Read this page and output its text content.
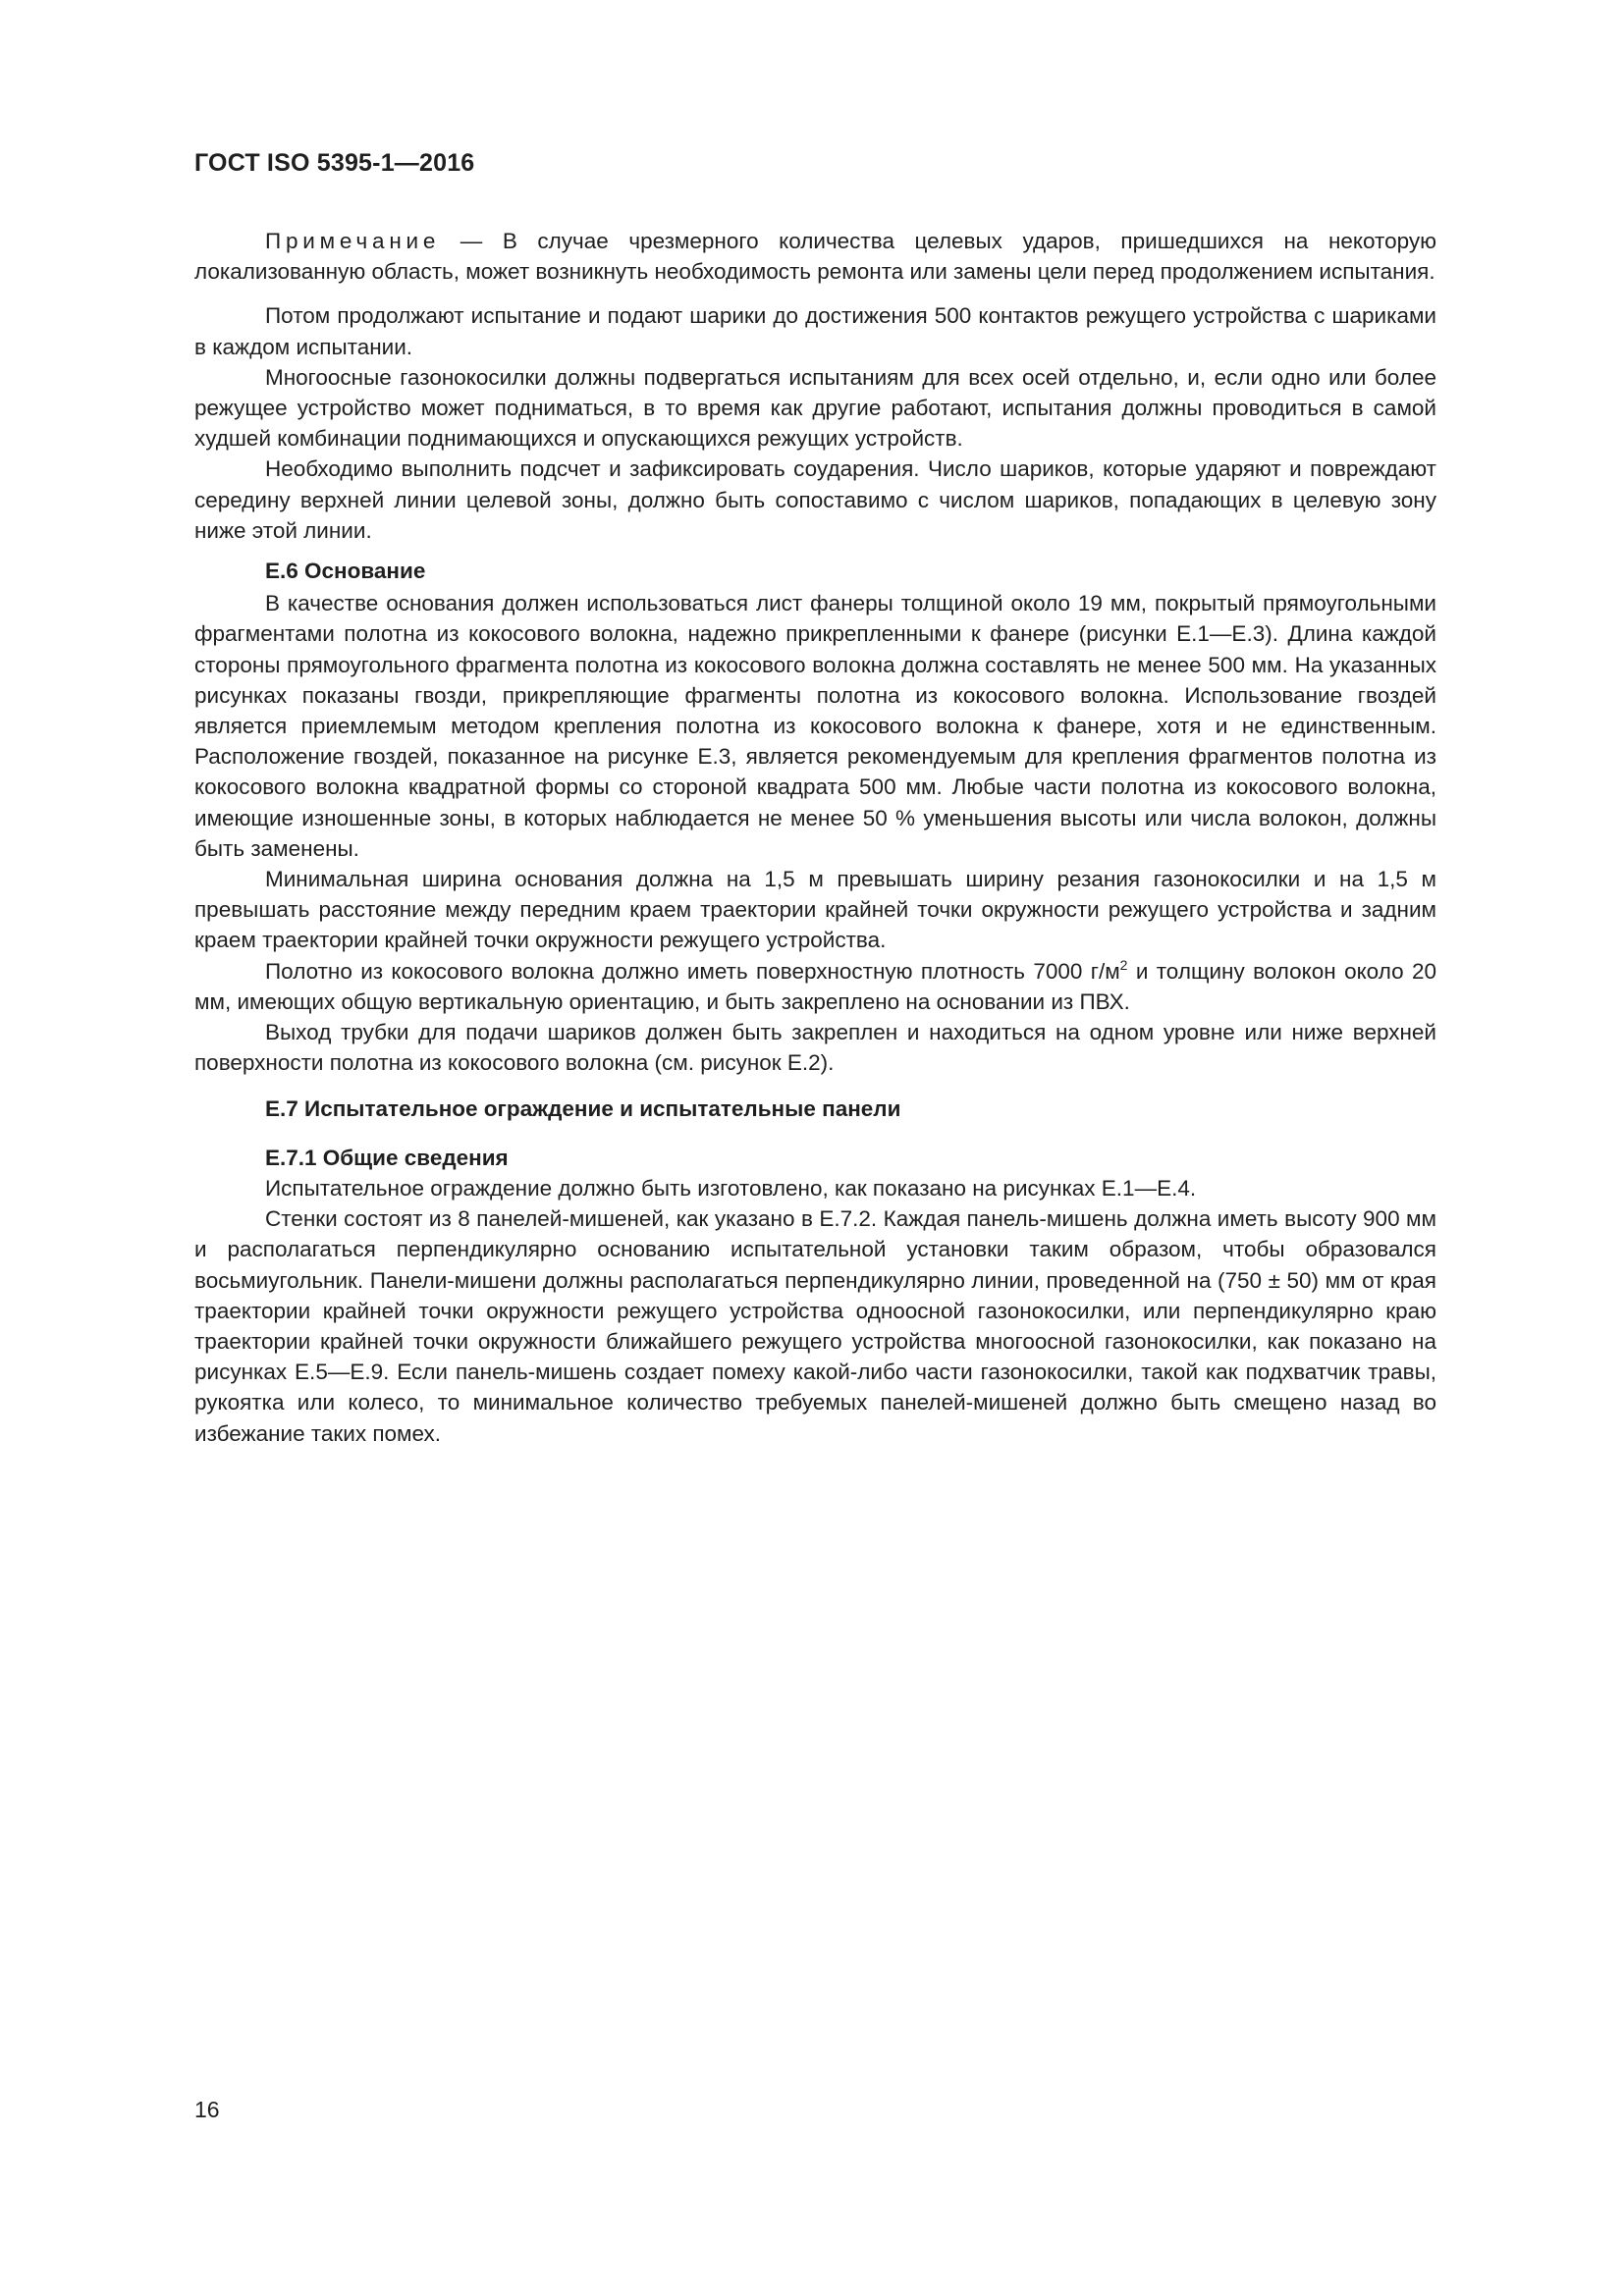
ГОСТ ISO 5395-1—2016

Примечание — В случае чрезмерного количества целевых ударов, пришедшихся на некоторую локализованную область, может возникнуть необходимость ремонта или замены цели перед продолжением испытания.

Потом продолжают испытание и подают шарики до достижения 500 контактов режущего устройства с шариками в каждом испытании.

Многоосные газонокосилки должны подвергаться испытаниям для всех осей отдельно, и, если одно или более режущее устройство может подниматься, в то время как другие работают, испытания должны проводиться в самой худшей комбинации поднимающихся и опускающихся режущих устройств.

Необходимо выполнить подсчет и зафиксировать соударения. Число шариков, которые ударяют и повреждают середину верхней линии целевой зоны, должно быть сопоставимо с числом шариков, попадающих в целевую зону ниже этой линии.

Е.6 Основание

В качестве основания должен использоваться лист фанеры толщиной около 19 мм, покрытый прямоугольными фрагментами полотна из кокосового волокна, надежно прикрепленными к фанере (рисунки Е.1—Е.3). Длина каждой стороны прямоугольного фрагмента полотна из кокосового волокна должна составлять не менее 500 мм. На указанных рисунках показаны гвозди, прикрепляющие фрагменты полотна из кокосового волокна. Использование гвоздей является приемлемым методом крепления полотна из кокосового волокна к фанере, хотя и не единственным. Расположение гвоздей, показанное на рисунке Е.3, является рекомендуемым для крепления фрагментов полотна из кокосового волокна квадратной формы со стороной квадрата 500 мм. Любые части полотна из кокосового волокна, имеющие изношенные зоны, в которых наблюдается не менее 50 % уменьшения высоты или числа волокон, должны быть заменены.

Минимальная ширина основания должна на 1,5 м превышать ширину резания газонокосилки и на 1,5 м превышать расстояние между передним краем траектории крайней точки окружности режущего устройства и задним краем траектории крайней точки окружности режущего устройства.

Полотно из кокосового волокна должно иметь поверхностную плотность 7000 $г/м^2$ и толщину волокон около 20 мм, имеющих общую вертикальную ориентацию, и быть закреплено на основании из ПВХ.

Выход трубки для подачи шариков должен быть закреплен и находиться на одном уровне или ниже верхней поверхности полотна из кокосового волокна (см. рисунок Е.2).

Е.7 Испытательное ограждение и испытательные панели

Е.7.1 Общие сведения

Испытательное ограждение должно быть изготовлено, как показано на рисунках Е.1—Е.4.

Стенки состоят из 8 панелей-мишеней, как указано в Е.7.2. Каждая панель-мишень должна иметь высоту 900 мм и располагаться перпендикулярно основанию испытательной установки таким образом, чтобы образовался восьмиугольник. Панели-мишени должны располагаться перпендикулярно линии, проведенной на (750 ± 50) мм от края траектории крайней точки окружности режущего устройства одноосной газонокосилки, или перпендикулярно краю траектории крайней точки окружности ближайшего режущего устройства многоосной газонокосилки, как показано на рисунках Е.5—Е.9. Если панель-мишень создает помеху какой-либо части газонокосилки, такой как подхватчик травы, рукоятка или колесо, то минимальное количество требуемых панелей-мишеней должно быть смещено назад во избежание таких помех.

16
